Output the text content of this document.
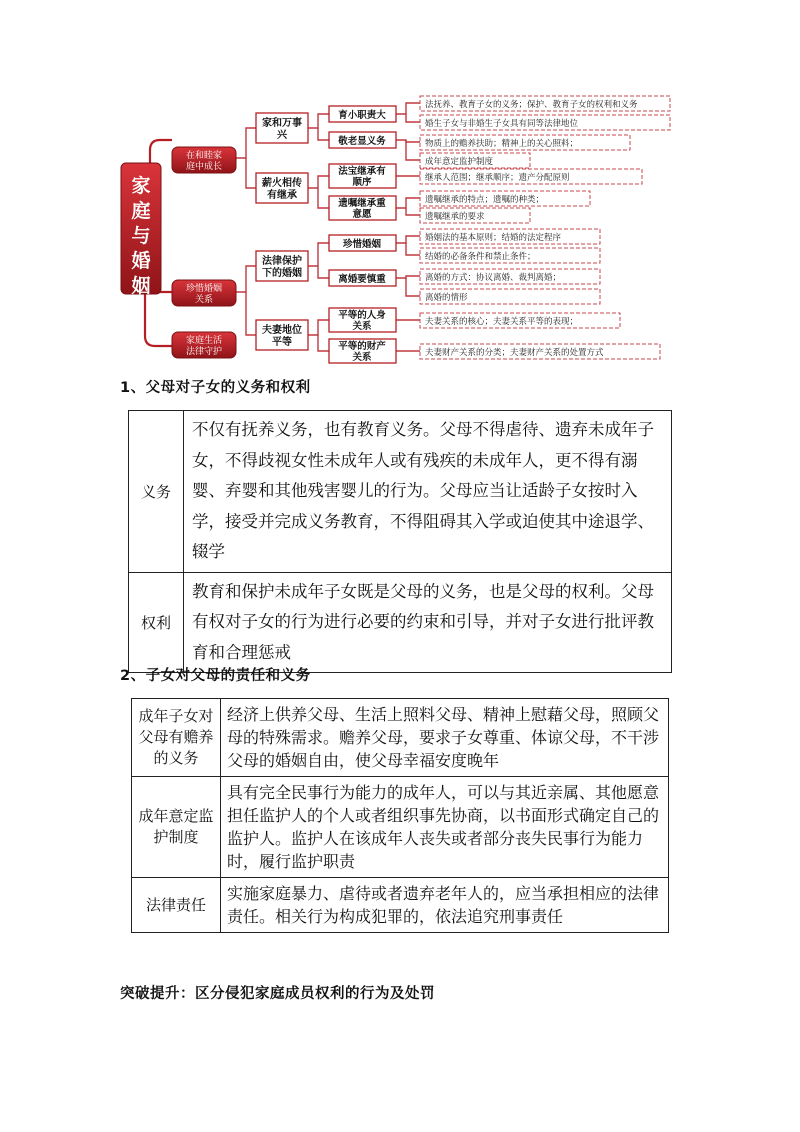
家
庭
与
婚
姻
在和睦家
庭中成长
珍惜婚姻
关系
家庭生活
法律守护
家和万事
兴
薪火相传
有继承
法律保护
下的婚姻
夫妻地位
平等
育小职责大
敬老显义务
法宝继承有
顺序
遗嘱继承重
意愿
珍惜婚姻
离婚要慎重
平等的人身
关系
平等的财产
关系
法抚养、教育子女的义务；保护、教育子女的权利和义务
婚生子女与非婚生子女具有同等法律地位
物质上的赡养扶助；精神上的关心照料；
成年意定监护制度
继承人范围；继承顺序；遗产分配原则
遗嘱继承的特点；遗嘱的种类；
遗嘱继承的要求
婚姻法的基本原则；结婚的法定程序
结婚的必备条件和禁止条件；
离婚的方式：协议离婚、裁判离婚；
离婚的情形
夫妻关系的核心；夫妻关系平等的表现；
夫妻财产关系的分类；夫妻财产关系的处置方式
1、父母对子女的义务和权利
义务	不仅有抚养义务，也有教育义务。父母不得虐待、遗弃未成年子女，不得歧视女性未成年人或有残疾的未成年人，更不得有溺婴、弃婴和其他残害婴儿的行为。父母应当让适龄子女按时入学，接受并完成义务教育，不得阻碍其入学或迫使其中途退学、辍学
权利	教育和保护未成年子女既是父母的义务，也是父母的权利。父母有权对子女的行为进行必要的约束和引导，并对子女进行批评教育和合理惩戒
2、子女对父母的责任和义务
成年子女对父母有赡养的义务	经济上供养父母、生活上照料父母、精神上慰藉父母，照顾父母的特殊需求。赡养父母，要求子女尊重、体谅父母，不干涉父母的婚姻自由，使父母幸福安度晚年
成年意定监护制度	具有完全民事行为能力的成年人，可以与其近亲属、其他愿意担任监护人的个人或者组织事先协商，以书面形式确定自己的监护人。监护人在该成年人丧失或者部分丧失民事行为能力时，履行监护职责
法律责任	实施家庭暴力、虐待或者遗弃老年人的，应当承担相应的法律责任。相关行为构成犯罪的，依法追究刑事责任
突破提升：区分侵犯家庭成员权利的行为及处罚
